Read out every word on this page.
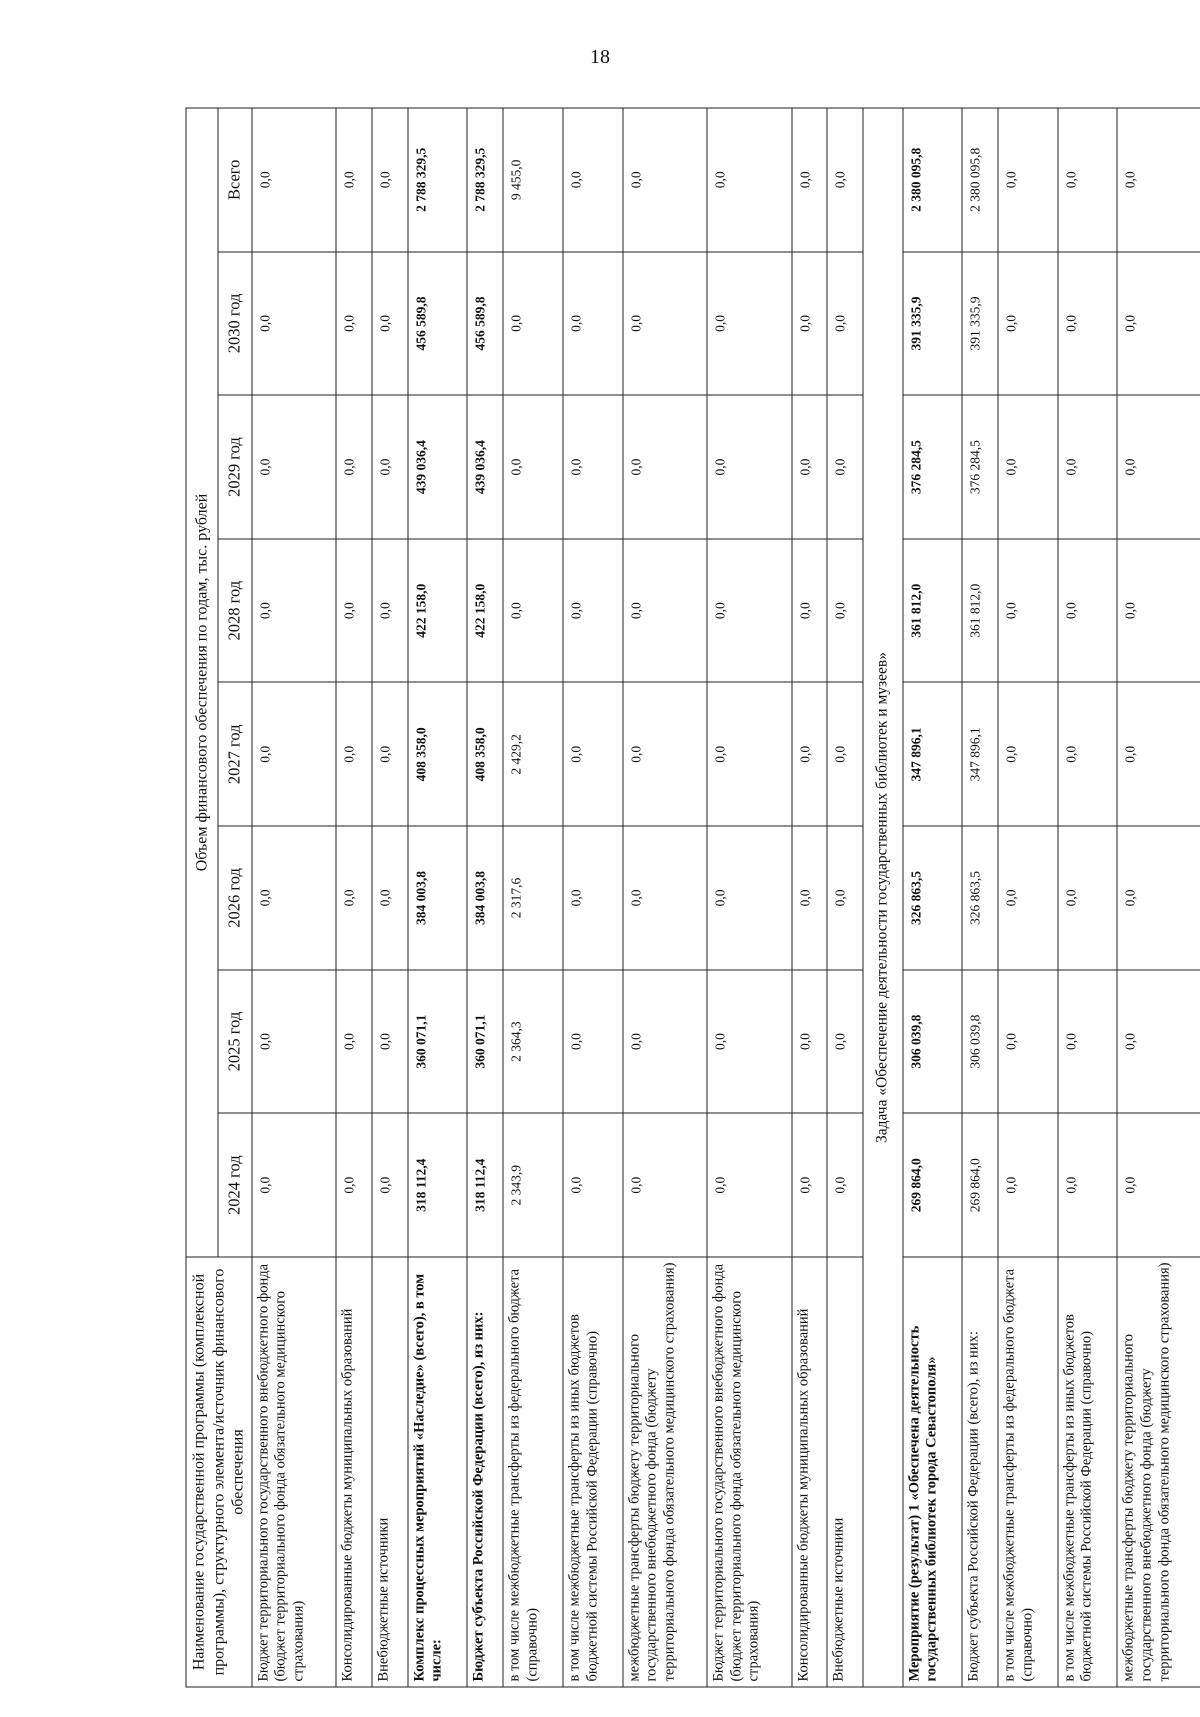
18
Наименование государственной программы (комплексной программы), структурного элемента/источник финансового обеспечения	Объем финансового обеспечения по годам, тыс. рублей							
	2024 год	2025 год	2026 год	2027 год	2028 год	2029 год	2030 год	Всего
Бюджет территориального государственного внебюджетного фонда (бюджет территориального фонда обязательного медицинского страхования)	0,0	0,0	0,0	0,0	0,0	0,0	0,0	0,0
Консолидированные бюджеты муниципальных образований	0,0	0,0	0,0	0,0	0,0	0,0	0,0	0,0
Внебюджетные источники	0,0	0,0	0,0	0,0	0,0	0,0	0,0	0,0
Комплекс процессных мероприятий «Наследие» (всего), в том числе:	318 112,4	360 071,1	384 003,8	408 358,0	422 158,0	439 036,4	456 589,8	2 788 329,5
Бюджет субъекта Российской Федерации (всего), из них:	318 112,4	360 071,1	384 003,8	408 358,0	422 158,0	439 036,4	456 589,8	2 788 329,5
в том числе межбюджетные трансферты из федерального бюджета (справочно)	2 343,9	2 364,3	2 317,6	2 429,2	0,0	0,0	0,0	9 455,0
в том числе межбюджетные трансферты из иных бюджетов бюджетной системы Российской Федерации (справочно)	0,0	0,0	0,0	0,0	0,0	0,0	0,0	0,0
межбюджетные трансферты бюджету территориального государственного внебюджетного фонда (бюджету территориального фонда обязательного медицинского страхования)	0,0	0,0	0,0	0,0	0,0	0,0	0,0	0,0
Бюджет территориального государственного внебюджетного фонда (бюджет территориального фонда обязательного медицинского страхования)	0,0	0,0	0,0	0,0	0,0	0,0	0,0	0,0
Консолидированные бюджеты муниципальных образований	0,0	0,0	0,0	0,0	0,0	0,0	0,0	0,0
Внебюджетные источники	0,0	0,0	0,0	0,0	0,0	0,0	0,0	0,0
Задача «Обеспечение деятельности государственных библиотек и музеев»								
Мероприятие (результат) 1 «Обеспечена деятельность государственных библиотек города Севастополя»	269 864,0	306 039,8	326 863,5	347 896,1	361 812,0	376 284,5	391 335,9	2 380 095,8
Бюджет субъекта Российской Федерации (всего), из них:	269 864,0	306 039,8	326 863,5	347 896,1	361 812,0	376 284,5	391 335,9	2 380 095,8
в том числе межбюджетные трансферты из федерального бюджета (справочно)	0,0	0,0	0,0	0,0	0,0	0,0	0,0	0,0
в том числе межбюджетные трансферты из иных бюджетов бюджетной системы Российской Федерации (справочно)	0,0	0,0	0,0	0,0	0,0	0,0	0,0	0,0
межбюджетные трансферты бюджету территориального государственного внебюджетного фонда (бюджету территориального фонда обязательного медицинского страхования)	0,0	0,0	0,0	0,0	0,0	0,0	0,0	0,0
